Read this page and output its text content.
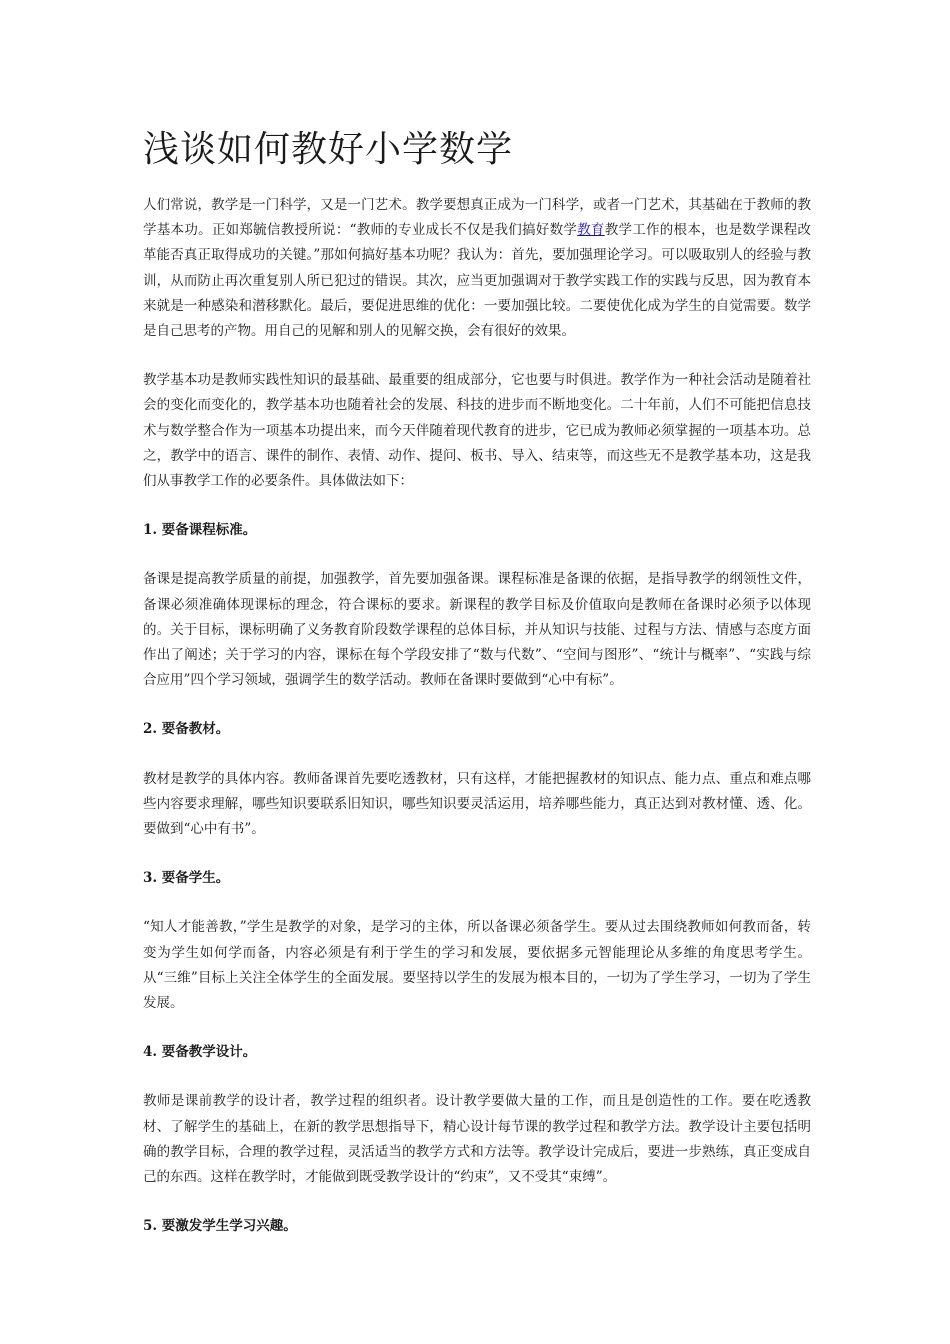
浅谈如何教好小学数学

人们常说，教学是一门科学，又是一门艺术。教学要想真正成为一门科学，或者一门艺术，其基础在于教师的教学基本功。正如郑毓信教授所说：“教师的专业成长不仅是我们搞好数学教育教学工作的根本，也是数学课程改革能否真正取得成功的关键。”那如何搞好基本功呢？我认为：首先，要加强理论学习。可以吸取别人的经验与教训，从而防止再次重复别人所已犯过的错误。其次，应当更加强调对于教学实践工作的实践与反思，因为教育本来就是一种感染和潜移默化。最后，要促进思维的优化：一要加强比较。二要使优化成为学生的自觉需要。数学是自己思考的产物。用自己的见解和别人的见解交换，会有很好的效果。

教学基本功是教师实践性知识的最基础、最重要的组成部分，它也要与时俱进。教学作为一种社会活动是随着社会的变化而变化的，教学基本功也随着社会的发展、科技的进步而不断地变化。二十年前，人们不可能把信息技术与数学整合作为一项基本功提出来，而今天伴随着现代教育的进步，它已成为教师必须掌握的一项基本功。总之，教学中的语言、课件的制作、表情、动作、提问、板书、导入、结束等，而这些无不是教学基本功，这是我们从事教学工作的必要条件。具体做法如下：

1. 要备课程标准。

备课是提高教学质量的前提，加强教学，首先要加强备课。课程标准是备课的依据，是指导教学的纲领性文件，备课必须准确体现课标的理念，符合课标的要求。新课程的教学目标及价值取向是教师在备课时必须予以体现的。关于目标，课标明确了义务教育阶段数学课程的总体目标，并从知识与技能、过程与方法、情感与态度方面作出了阐述；关于学习的内容，课标在每个学段安排了“数与代数”、“空间与图形”、“统计与概率”、“实践与综合应用”四个学习领域，强调学生的数学活动。教师在备课时要做到“心中有标”。

2. 要备教材。

教材是教学的具体内容。教师备课首先要吃透教材，只有这样，才能把握教材的知识点、能力点、重点和难点哪些内容要求理解，哪些知识要联系旧知识，哪些知识要灵活运用，培养哪些能力，真正达到对教材懂、透、化。要做到“心中有书”。

3. 要备学生。

“知人才能善教，”学生是教学的对象，是学习的主体，所以备课必须备学生。要从过去围绕教师如何教而备，转变为学生如何学而备，内容必须是有利于学生的学习和发展，要依据多元智能理论从多维的角度思考学生。从“三维”目标上关注全体学生的全面发展。要坚持以学生的发展为根本目的，一切为了学生学习，一切为了学生发展。

4. 要备教学设计。

教师是课前教学的设计者，教学过程的组织者。设计教学要做大量的工作，而且是创造性的工作。要在吃透教材、了解学生的基础上，在新的教学思想指导下，精心设计每节课的教学过程和教学方法。教学设计主要包括明确的教学目标，合理的教学过程，灵活适当的教学方式和方法等。教学设计完成后，要进一步熟练，真正变成自己的东西。这样在教学时，才能做到既受教学设计的“约束”，又不受其“束缚”。

5. 要激发学生学习兴趣。
